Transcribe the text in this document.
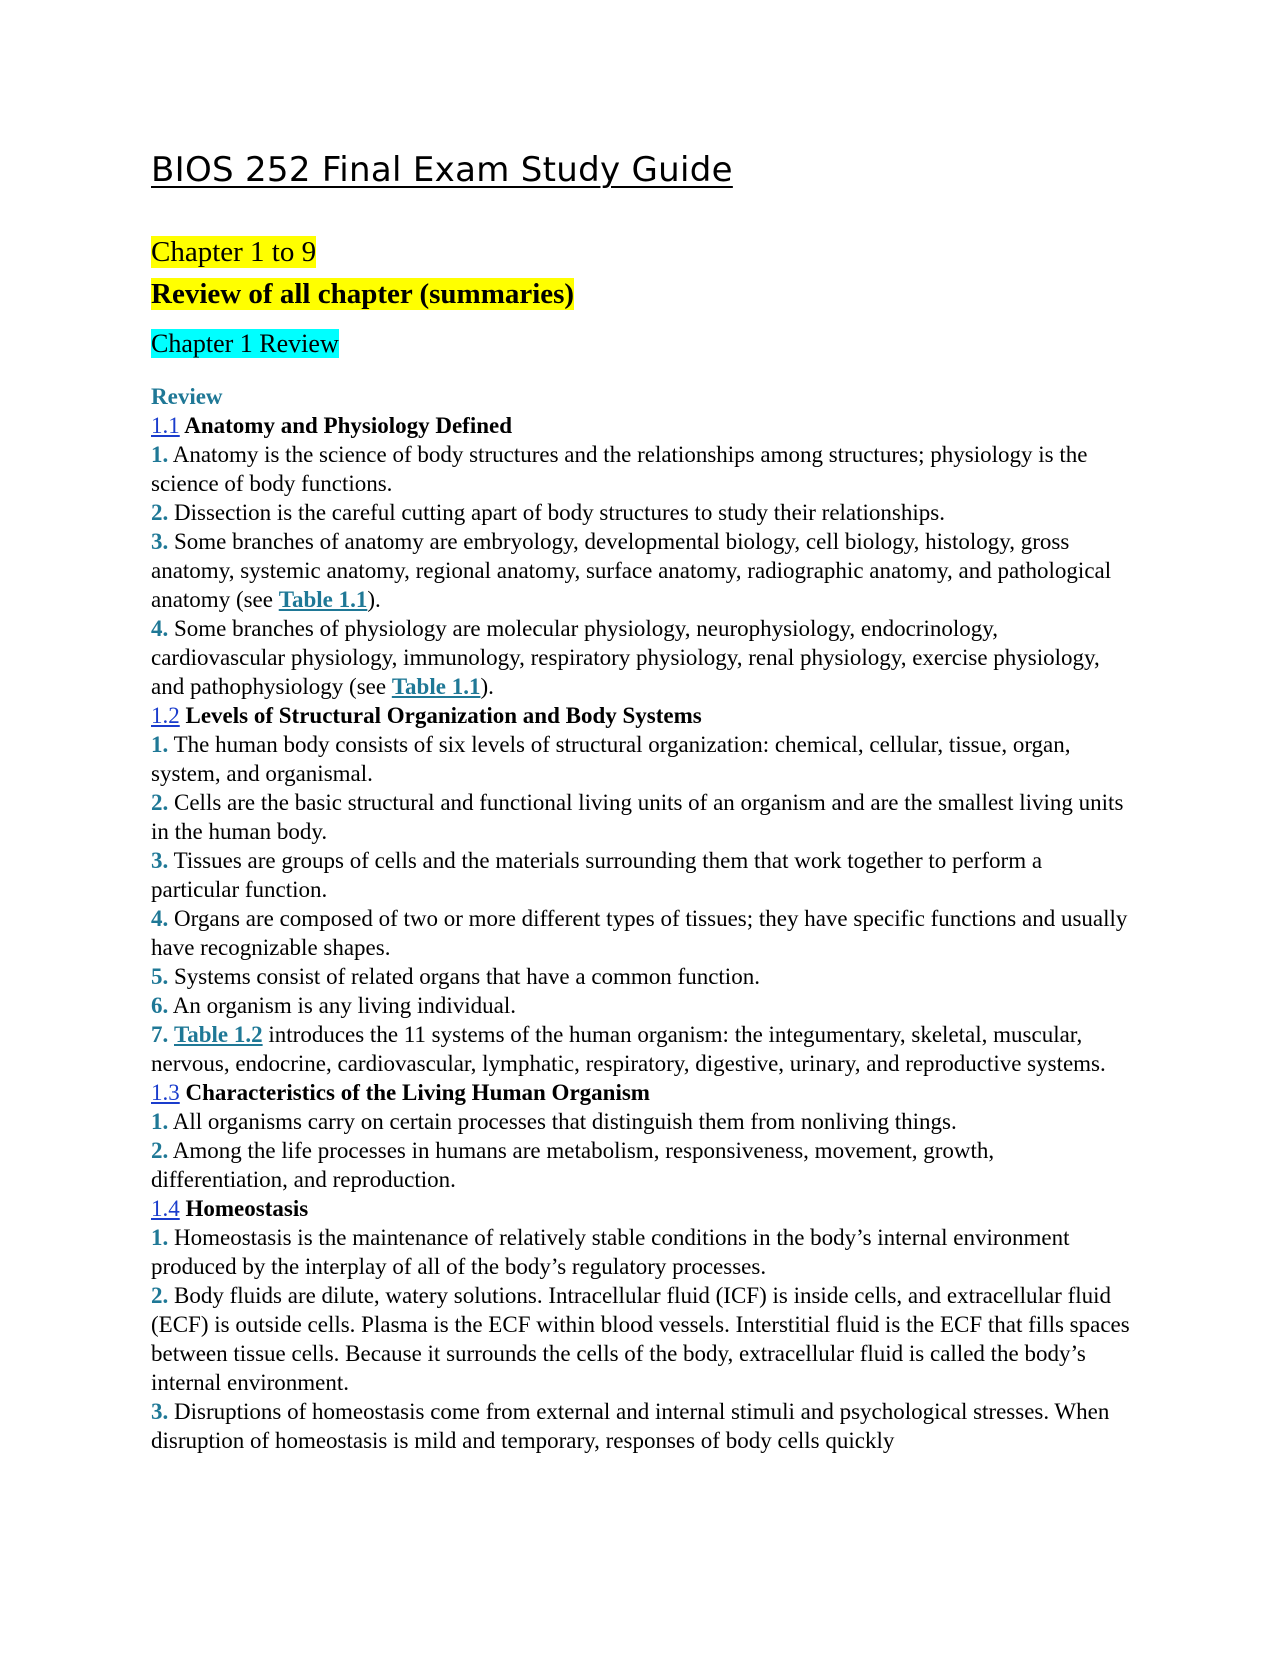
BIOS 252 Final Exam Study Guide
Chapter 1 to 9
Review of all chapter (summaries)
Chapter 1 Review
Review
1.1 Anatomy and Physiology Defined

1. Anatomy is the science of body structures and the relationships among structures; physiology is the science of body functions.

2. Dissection is the careful cutting apart of body structures to study their relationships.

3. Some branches of anatomy are embryology, developmental biology, cell biology, histology, gross anatomy, systemic anatomy, regional anatomy, surface anatomy, radiographic anatomy, and pathological anatomy (see Table 1.1).

4. Some branches of physiology are molecular physiology, neurophysiology, endocrinology, cardiovascular physiology, immunology, respiratory physiology, renal physiology, exercise physiology, and pathophysiology (see Table 1.1).

1.2 Levels of Structural Organization and Body Systems

1. The human body consists of six levels of structural organization: chemical, cellular, tissue, organ, system, and organismal.

2. Cells are the basic structural and functional living units of an organism and are the smallest living units in the human body.

3. Tissues are groups of cells and the materials surrounding them that work together to perform a particular function.

4. Organs are composed of two or more different types of tissues; they have specific functions and usually have recognizable shapes.

5. Systems consist of related organs that have a common function.

6. An organism is any living individual.

7. Table 1.2 introduces the 11 systems of the human organism: the integumentary, skeletal, muscular, nervous, endocrine, cardiovascular, lymphatic, respiratory, digestive, urinary, and reproductive systems.

1.3 Characteristics of the Living Human Organism

1. All organisms carry on certain processes that distinguish them from nonliving things.

2. Among the life processes in humans are metabolism, responsiveness, movement, growth, differentiation, and reproduction.

1.4 Homeostasis

1. Homeostasis is the maintenance of relatively stable conditions in the body’s internal environment produced by the interplay of all of the body’s regulatory processes.

2. Body fluids are dilute, watery solutions. Intracellular fluid (ICF) is inside cells, and extracellular fluid (ECF) is outside cells. Plasma is the ECF within blood vessels. Interstitial fluid is the ECF that fills spaces between tissue cells. Because it surrounds the cells of the body, extracellular fluid is called the body’s internal environment.

3. Disruptions of homeostasis come from external and internal stimuli and psychological stresses. When disruption of homeostasis is mild and temporary, responses of body cells quickly
